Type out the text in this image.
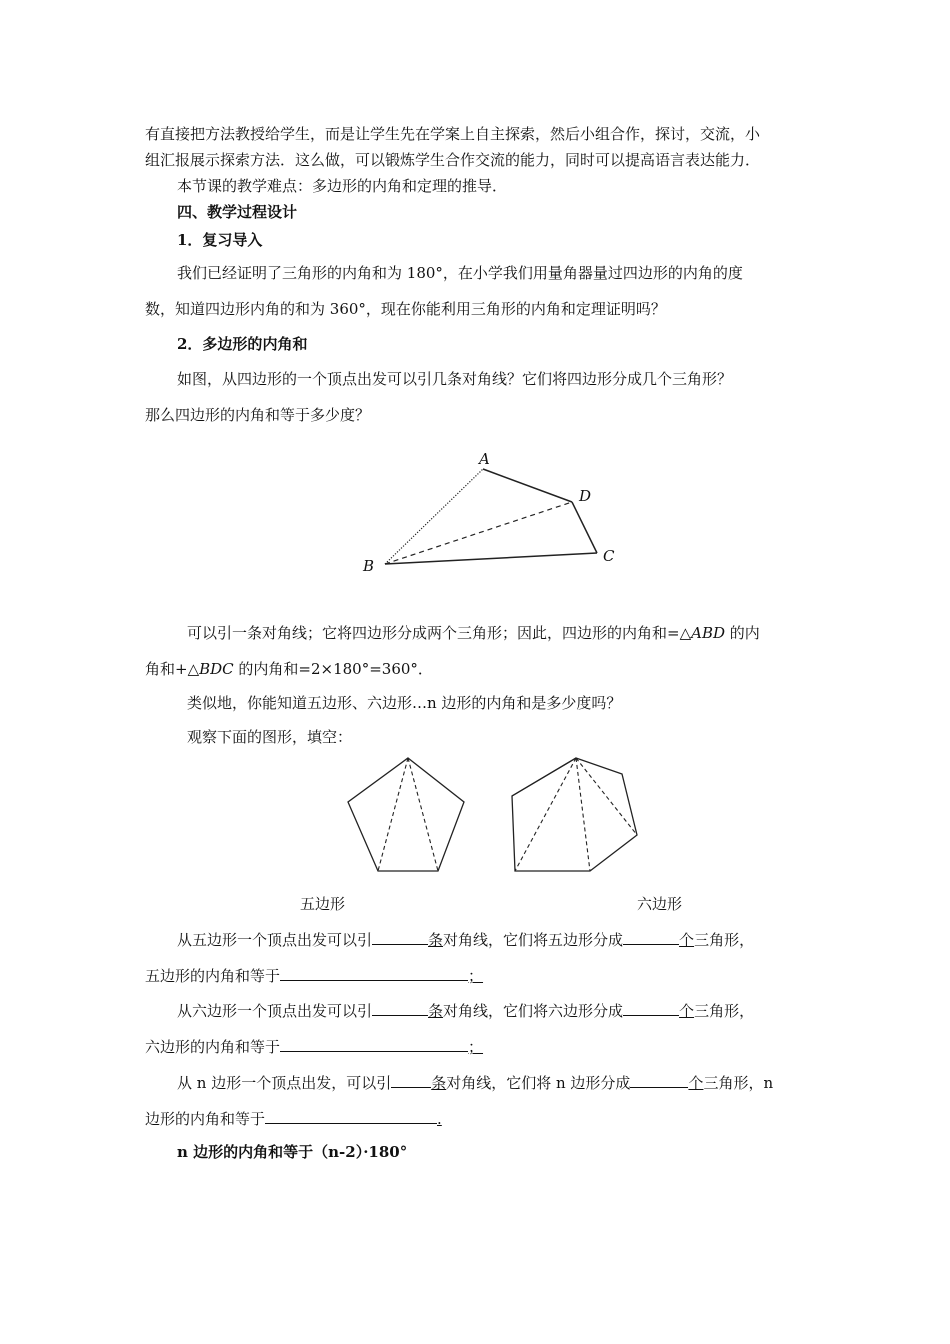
有直接把方法教授给学生，而是让学生先在学案上自主探索，然后小组合作，探讨，交流，小
组汇报展示探索方法．这么做，可以锻炼学生合作交流的能力，同时可以提高语言表达能力．
本节课的教学难点：多边形的内角和定理的推导．
四、教学过程设计
1．复习导入
我们已经证明了三角形的内角和为 180°，在小学我们用量角器量过四边形的内角的度
数，知道四边形内角的和为 360°，现在你能利用三角形的内角和定理证明吗？
2．多边形的内角和
如图，从四边形的一个顶点出发可以引几条对角线？它们将四边形分成几个三角形？
那么四边形的内角和等于多少度？
A
D
C
B
可以引一条对角线；它将四边形分成两个三角形；因此，四边形的内角和=△ABD 的内
角和+△BDC 的内角和=2×180°=360°．
类似地，你能知道五边形、六边形…n 边形的内角和是多少度吗？
观察下面的图形，填空：
五边形	六边形
从五边形一个顶点出发可以引	条对角线，它们将五边形分成	个三角形，
五边形的内角和等于	；
从六边形一个顶点出发可以引	条对角线，它们将六边形分成	个三角形，
六边形的内角和等于	；
从 n 边形一个顶点出发，可以引	条对角线，它们将 n 边形分成	个三角形，n
边形的内角和等于	.
n 边形的内角和等于（n-2）·180°
